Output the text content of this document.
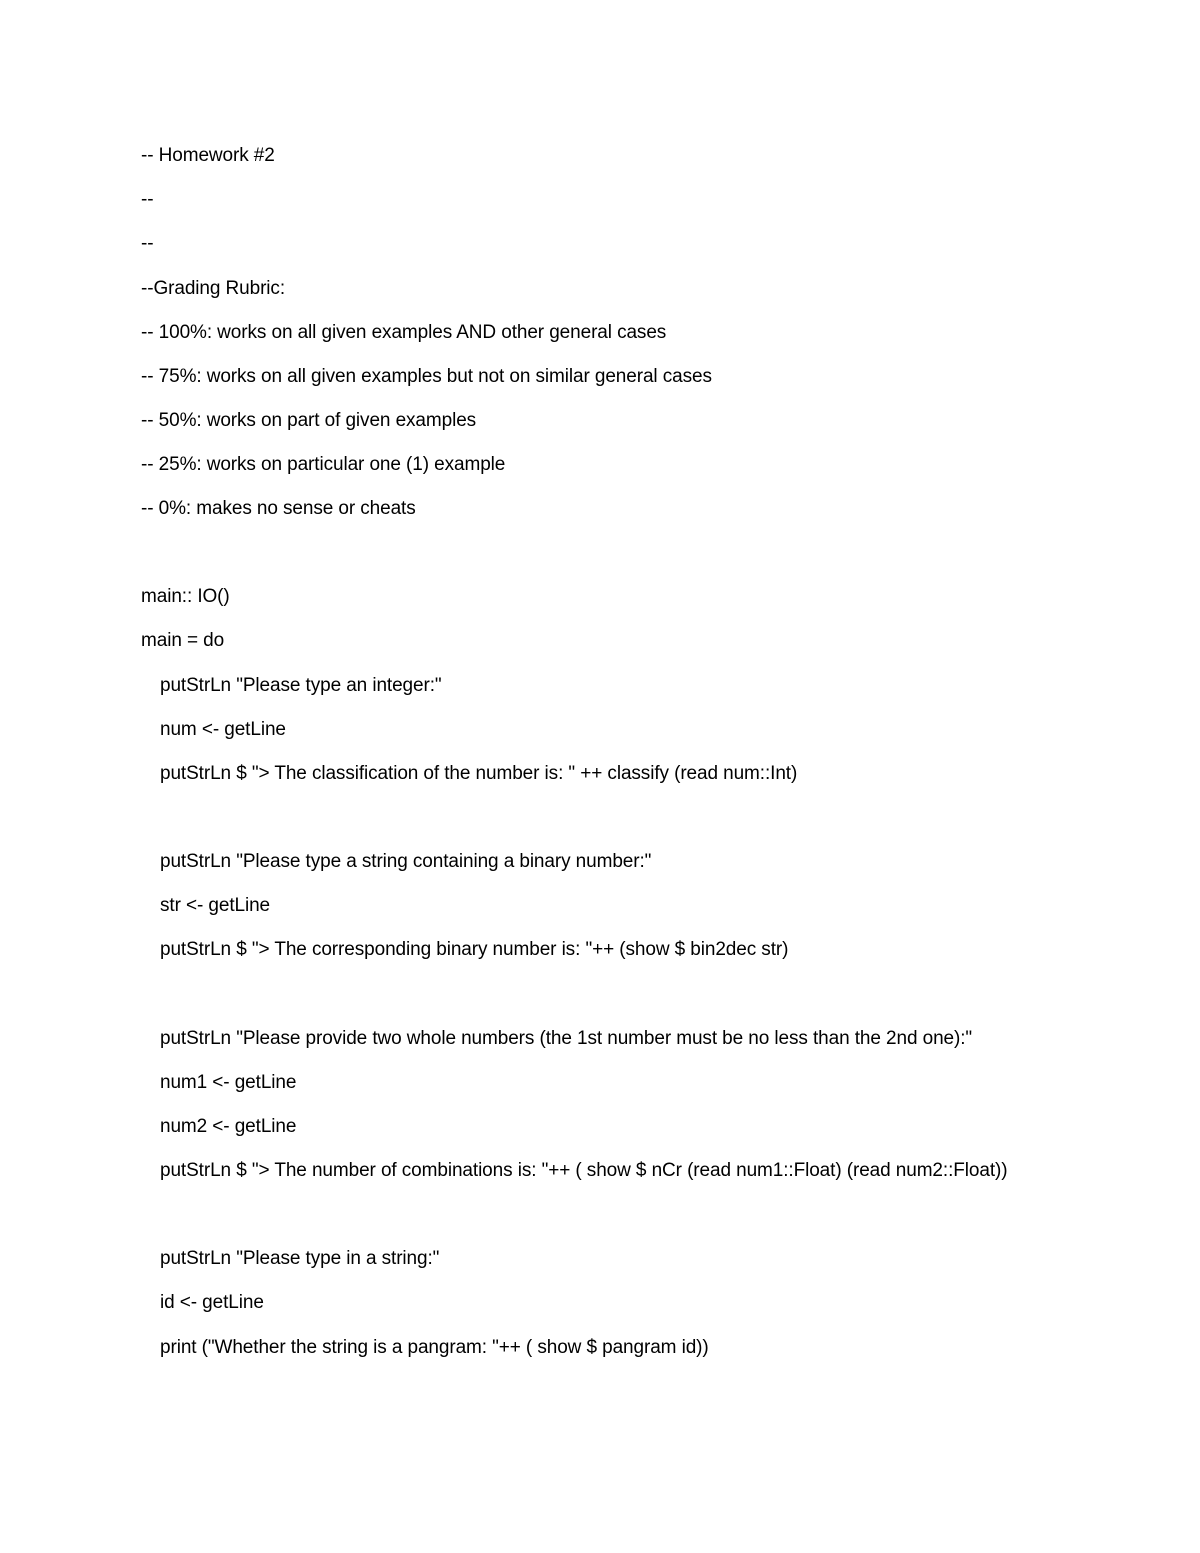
-- Homework #2
--
--
--Grading Rubric:
-- 100%: works on all given examples AND other general cases
-- 75%: works on all given examples but not on similar general cases
-- 50%: works on part of given examples
-- 25%: works on particular one (1) example
-- 0%: makes no sense or cheats
main:: IO()
main = do
putStrLn "Please type an integer:"
num <- getLine
putStrLn $ "> The classification of the number is: " ++ classify (read num::Int)
putStrLn "Please type a string containing a binary number:"
str <- getLine
putStrLn $ "> The corresponding binary number is: "++ (show $ bin2dec str)
putStrLn "Please provide two whole numbers (the 1st number must be no less than the 2nd one):"
num1 <- getLine
num2 <- getLine
putStrLn $ "> The number of combinations is: "++ ( show $ nCr (read num1::Float) (read num2::Float))
putStrLn "Please type in a string:"
id <- getLine
print ("Whether the string is a pangram: "++ ( show $ pangram id))
